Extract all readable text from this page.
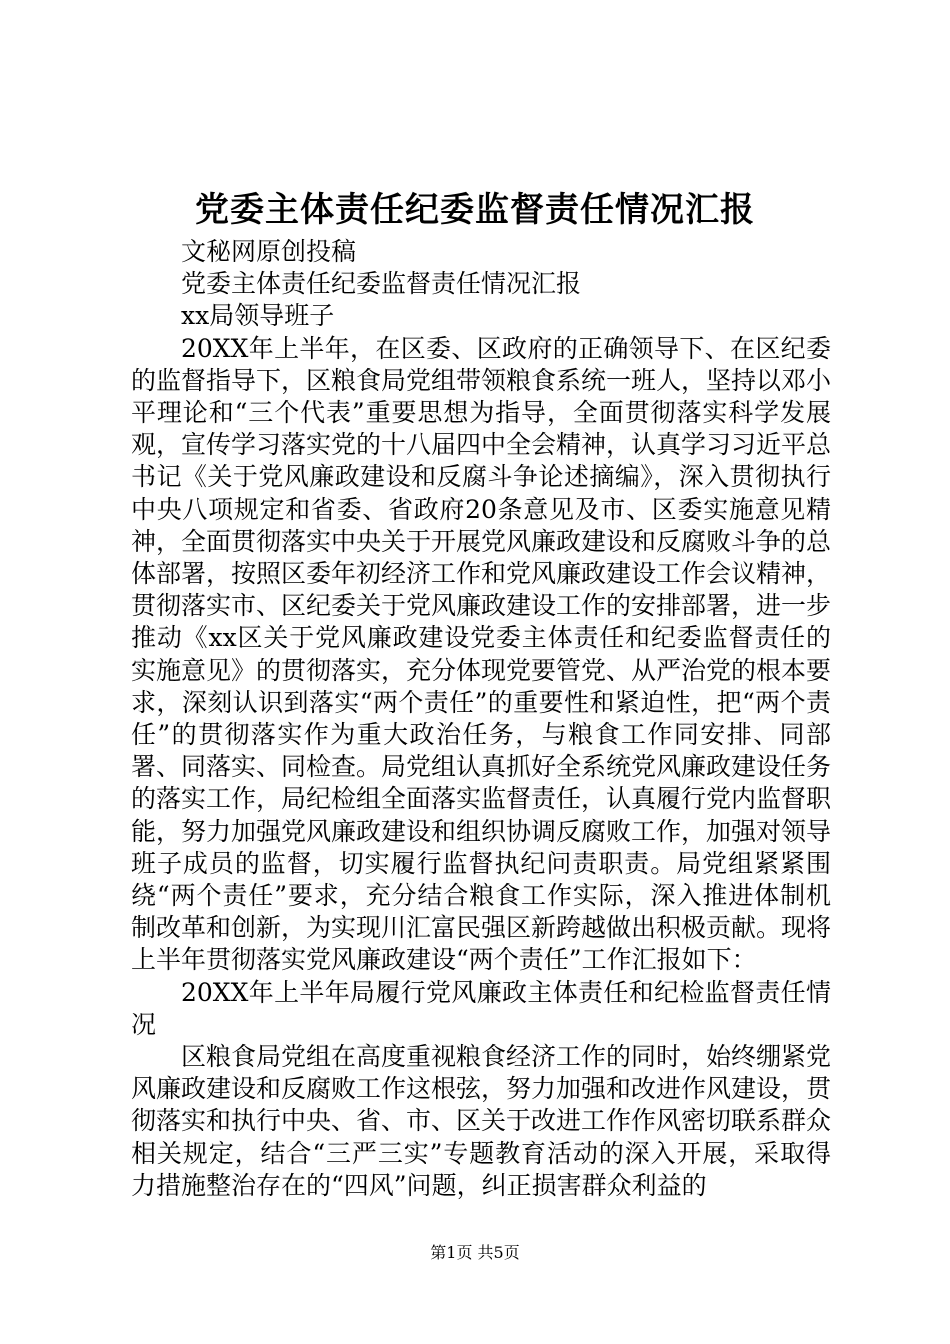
党委主体责任纪委监督责任情况汇报

文秘网原创投稿

党委主体责任纪委监督责任情况汇报

xx局领导班子

20XX年上半年，在区委、区政府的正确领导下、在区纪委的监督指导下，区粮食局党组带领粮食系统一班人，坚持以邓小平理论和“三个代表”重要思想为指导，全面贯彻落实科学发展观，宣传学习落实党的十八届四中全会精神，认真学习习近平总书记《关于党风廉政建设和反腐斗争论述摘编》，深入贯彻执行中央八项规定和省委、省政府20条意见及市、区委实施意见精神，全面贯彻落实中央关于开展党风廉政建设和反腐败斗争的总体部署，按照区委年初经济工作和党风廉政建设工作会议精神，贯彻落实市、区纪委关于党风廉政建设工作的安排部署，进一步推动《xx区关于党风廉政建设党委主体责任和纪委监督责任的实施意见》的贯彻落实，充分体现党要管党、从严治党的根本要求，深刻认识到落实“两个责任”的重要性和紧迫性，把“两个责任”的贯彻落实作为重大政治任务，与粮食工作同安排、同部署、同落实、同检查。局党组认真抓好全系统党风廉政建设任务的落实工作，局纪检组全面落实监督责任，认真履行党内监督职能，努力加强党风廉政建设和组织协调反腐败工作，加强对领导班子成员的监督，切实履行监督执纪问责职责。局党组紧紧围绕“两个责任”要求，充分结合粮食工作实际，深入推进体制机制改革和创新，为实现川汇富民强区新跨越做出积极贡献。现将上半年贯彻落实党风廉政建设“两个责任”工作汇报如下：

20XX年上半年局履行党风廉政主体责任和纪检监督责任情况

区粮食局党组在高度重视粮食经济工作的同时，始终绷紧党风廉政建设和反腐败工作这根弦，努力加强和改进作风建设，贯彻落实和执行中央、省、市、区关于改进工作作风密切联系群众相关规定，结合“三严三实”专题教育活动的深入开展，采取得力措施整治存在的“四风”问题，纠正损害群众利益的

第1页 共5页
